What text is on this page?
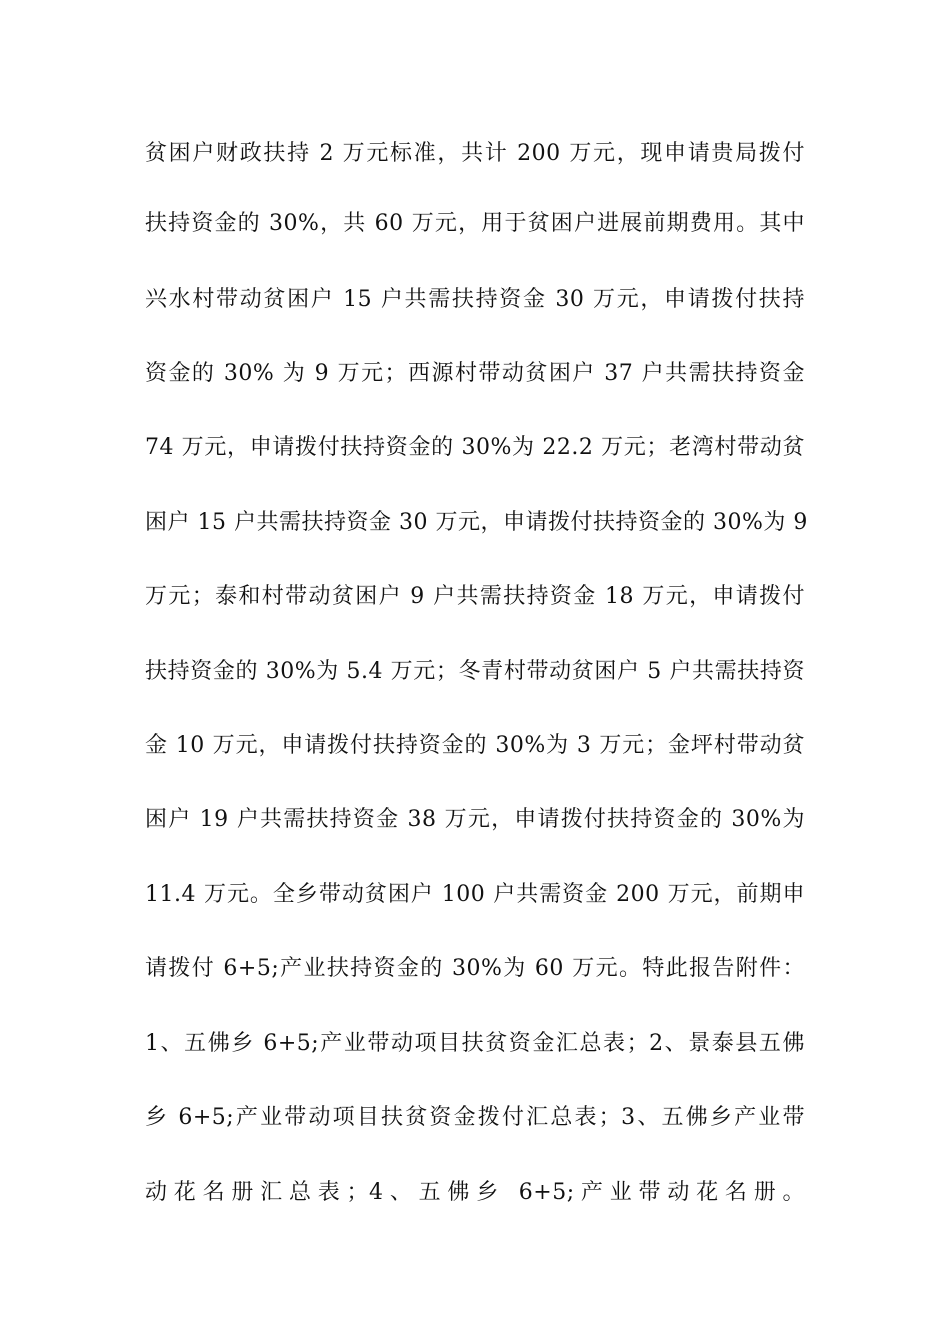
贫困户财政扶持 2 万元标准，共计 200 万元，现申请贵局拨付
扶持资金的 30%，共 60 万元，用于贫困户进展前期费用。其中
兴水村带动贫困户 15 户共需扶持资金 30 万元，申请拨付扶持
资金的 30% 为 9 万元；西源村带动贫困户 37 户共需扶持资金
74 万元，申请拨付扶持资金的 30%为 22.2 万元；老湾村带动贫
困户 15 户共需扶持资金 30 万元，申请拨付扶持资金的 30%为 9
万元；泰和村带动贫困户 9 户共需扶持资金 18 万元，申请拨付
扶持资金的 30%为 5.4 万元；冬青村带动贫困户 5 户共需扶持资
金 10 万元，申请拨付扶持资金的 30%为 3 万元；金坪村带动贫
困户 19 户共需扶持资金 38 万元，申请拨付扶持资金的 30%为
11.4 万元。全乡带动贫困户 100 户共需资金 200 万元，前期申
请拨付 6+5;产业扶持资金的 30%为 60 万元。特此报告附件：
1、五佛乡 6+5;产业带动项目扶贫资金汇总表；2、景泰县五佛
乡 6+5;产业带动项目扶贫资金拨付汇总表；3、五佛乡产业带
动花名册汇总表；4、五佛乡 6+5;产业带动花名册。
